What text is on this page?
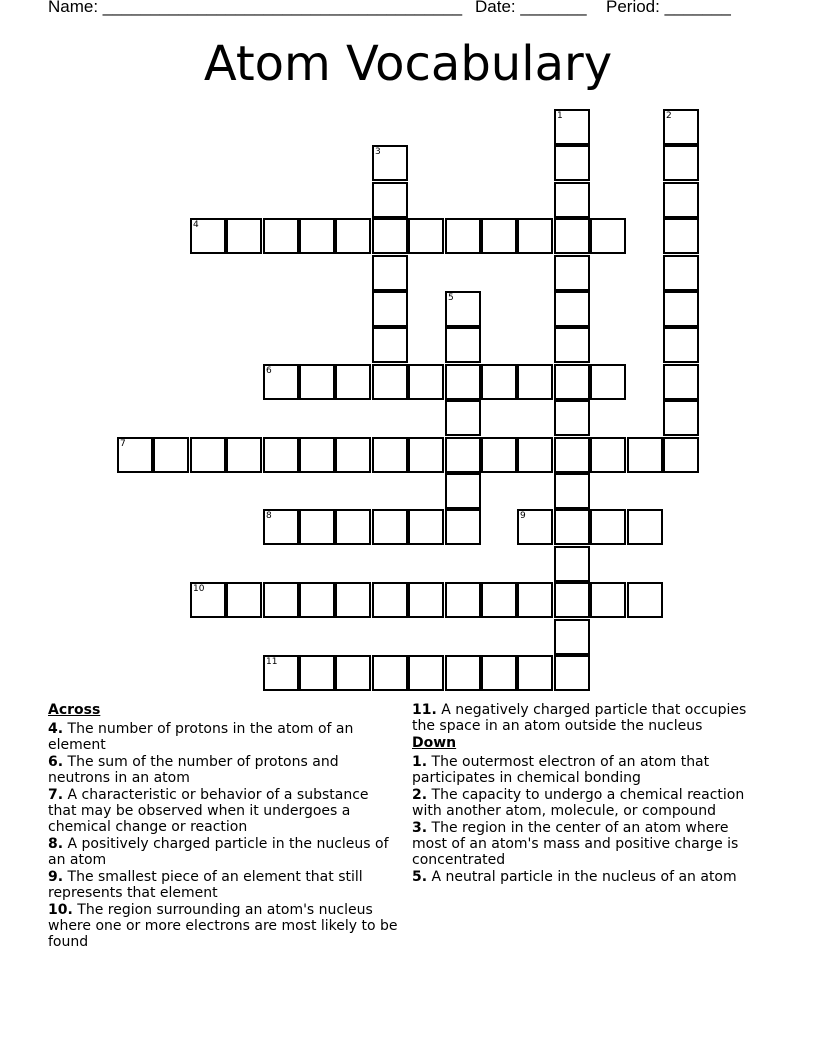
Name: ______________________________________ Date: _______ Period: _______
Atom Vocabulary
1	2
3
4
5
6
7
8	9
10
11
Across
4. The number of protons in the atom of an element
6. The sum of the number of protons and neutrons in an atom
7. A characteristic or behavior of a substance that may be observed when it undergoes a chemical change or reaction
8. A positively charged particle in the nucleus of an atom
9. The smallest piece of an element that still represents that element
10. The region surrounding an atom's nucleus where one or more electrons are most likely to be found
11. A negatively charged particle that occupies the space in an atom outside the nucleus
Down
1. The outermost electron of an atom that participates in chemical bonding
2. The capacity to undergo a chemical reaction with another atom, molecule, or compound
3. The region in the center of an atom where most of an atom's mass and positive charge is concentrated
5. A neutral particle in the nucleus of an atom
